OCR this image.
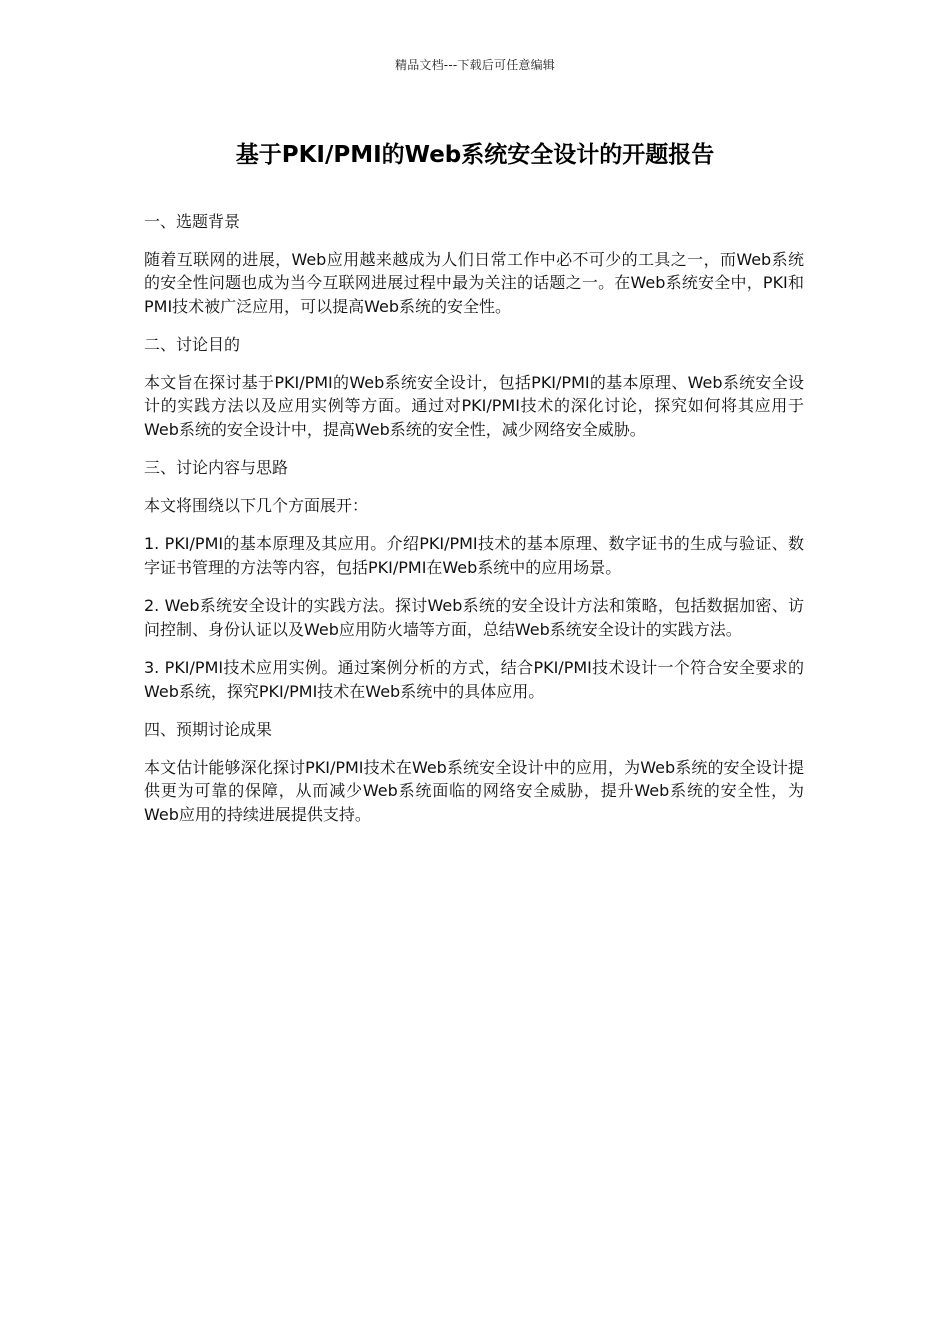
精品文档---下载后可任意编辑
基于PKI/PMI的Web系统安全设计的开题报告

一、选题背景

随着互联网的进展，Web应用越来越成为人们日常工作中必不可少的工具之一，而Web系统的安全性问题也成为当今互联网进展过程中最为关注的话题之一。在Web系统安全中，PKI和PMI技术被广泛应用，可以提高Web系统的安全性。

二、讨论目的

本文旨在探讨基于PKI/PMI的Web系统安全设计，包括PKI/PMI的基本原理、Web系统安全设计的实践方法以及应用实例等方面。通过对PKI/PMI技术的深化讨论，探究如何将其应用于Web系统的安全设计中，提高Web系统的安全性，减少网络安全威胁。

三、讨论内容与思路

本文将围绕以下几个方面展开：

1. PKI/PMI的基本原理及其应用。介绍PKI/PMI技术的基本原理、数字证书的生成与验证、数字证书管理的方法等内容，包括PKI/PMI在Web系统中的应用场景。

2. Web系统安全设计的实践方法。探讨Web系统的安全设计方法和策略，包括数据加密、访问控制、身份认证以及Web应用防火墙等方面，总结Web系统安全设计的实践方法。

3. PKI/PMI技术应用实例。通过案例分析的方式，结合PKI/PMI技术设计一个符合安全要求的Web系统，探究PKI/PMI技术在Web系统中的具体应用。

四、预期讨论成果

本文估计能够深化探讨PKI/PMI技术在Web系统安全设计中的应用，为Web系统的安全设计提供更为可靠的保障，从而减少Web系统面临的网络安全威胁，提升Web系统的安全性，为Web应用的持续进展提供支持。
